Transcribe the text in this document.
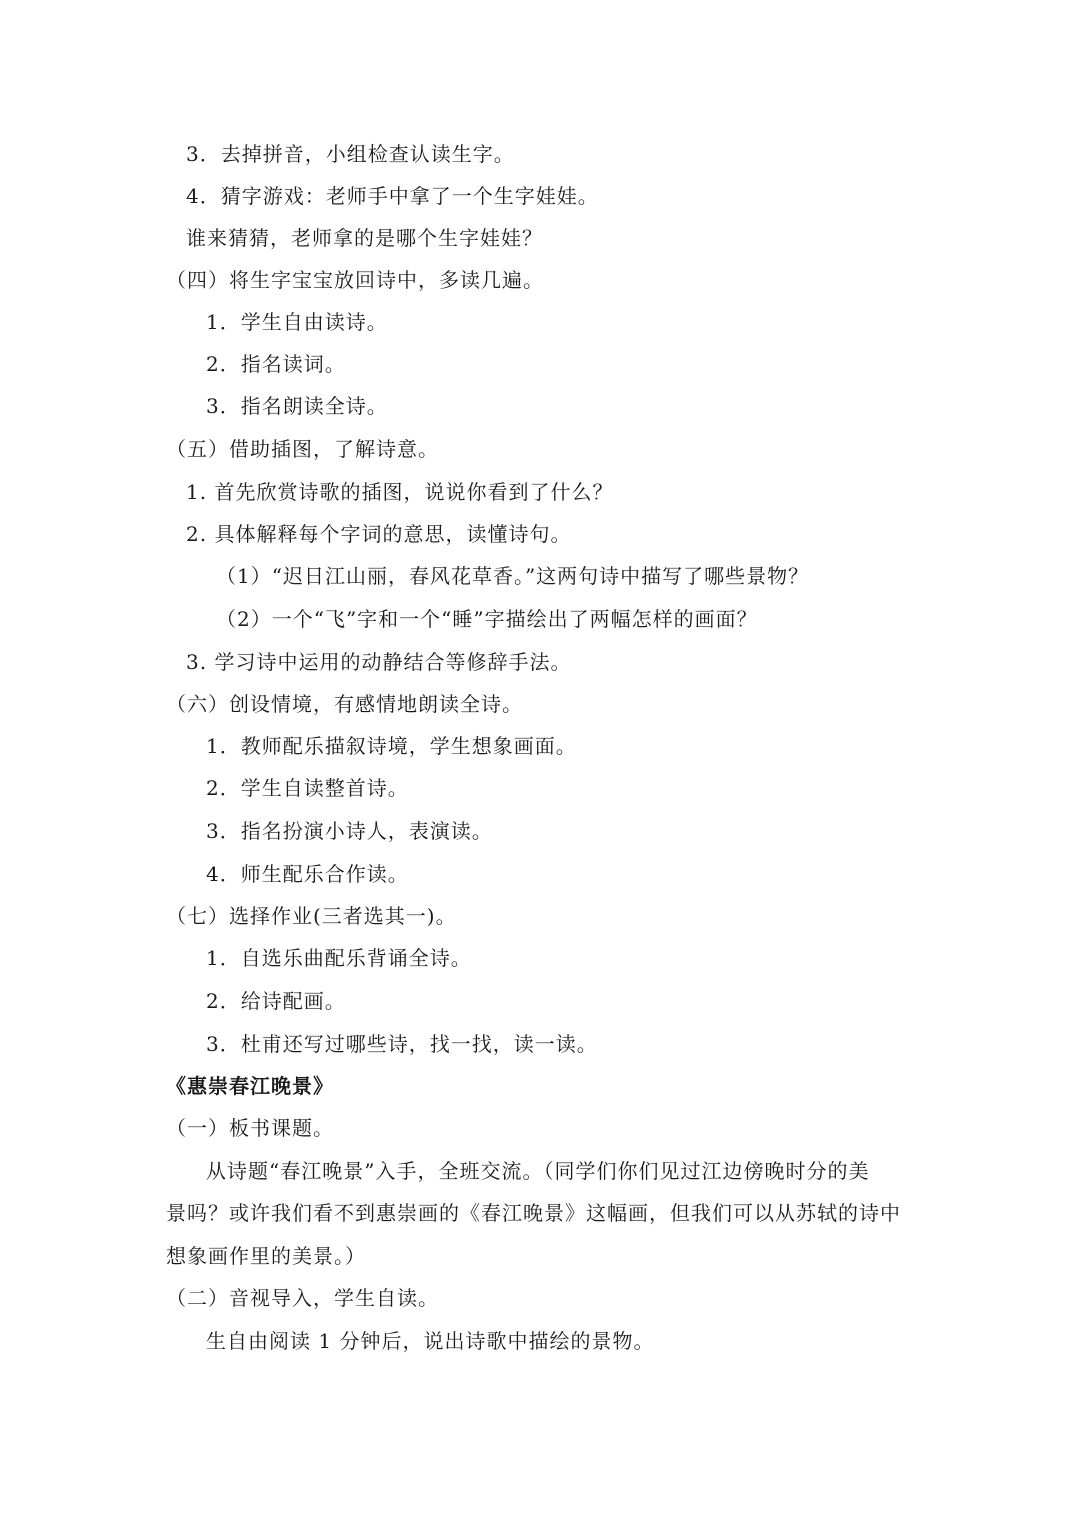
3．去掉拼音，小组检查认读生字。
4．猜字游戏：老师手中拿了一个生字娃娃。
谁来猜猜，老师拿的是哪个生字娃娃？
（四）将生字宝宝放回诗中，多读几遍。
1．学生自由读诗。
2．指名读词。
3．指名朗读全诗。
（五）借助插图，了解诗意。
1. 首先欣赏诗歌的插图，说说你看到了什么？
2. 具体解释每个字词的意思，读懂诗句。
（1）“迟日江山丽，春风花草香。”这两句诗中描写了哪些景物？
（2）一个“飞”字和一个“睡”字描绘出了两幅怎样的画面？
3. 学习诗中运用的动静结合等修辞手法。
（六）创设情境，有感情地朗读全诗。
1．教师配乐描叙诗境，学生想象画面。
2．学生自读整首诗。
3．指名扮演小诗人，表演读。
4．师生配乐合作读。
（七）选择作业(三者选其一)。
1．自选乐曲配乐背诵全诗。
2．给诗配画。
3．杜甫还写过哪些诗，找一找，读一读。
《惠崇春江晚景》
（一）板书课题。
从诗题“春江晚景”入手，全班交流。（同学们你们见过江边傍晚时分的美
景吗？或许我们看不到惠崇画的《春江晚景》这幅画，但我们可以从苏轼的诗中
想象画作里的美景。）
（二）音视导入，学生自读。
生自由阅读 1 分钟后，说出诗歌中描绘的景物。
